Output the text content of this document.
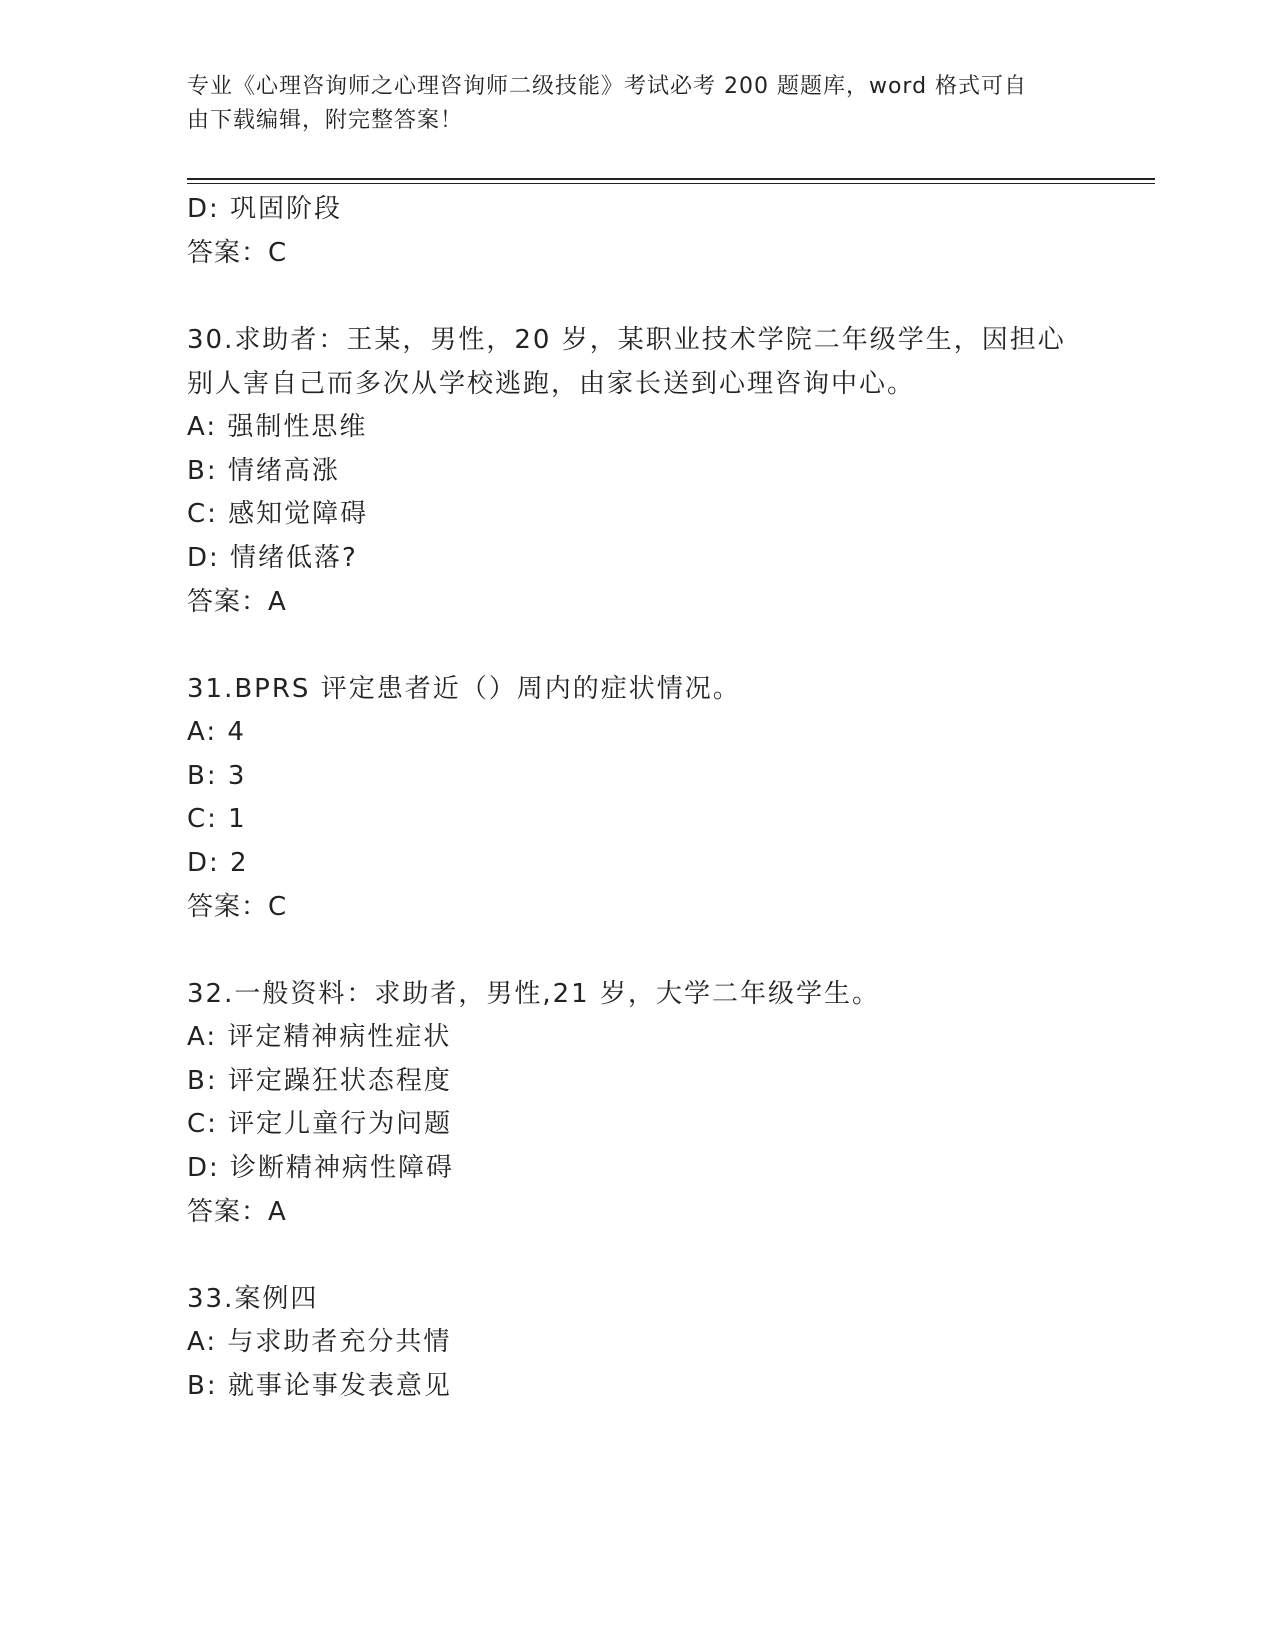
专业《心理咨询师之心理咨询师二级技能》考试必考 200 题题库，word 格式可自
由下载编辑，附完整答案！
D: 巩固阶段
答案：C
30.求助者：王某，男性，20 岁，某职业技术学院二年级学生，因担心
别人害自己而多次从学校逃跑，由家长送到心理咨询中心。
A: 强制性思维
B: 情绪高涨
C: 感知觉障碍
D: 情绪低落?
答案：A
31.BPRS 评定患者近（）周内的症状情况。
A: 4
B: 3
C: 1
D: 2
答案：C
32.一般资料：求助者，男性,21 岁，大学二年级学生。
A: 评定精神病性症状
B: 评定躁狂状态程度
C: 评定儿童行为问题
D: 诊断精神病性障碍
答案：A
33.案例四
A: 与求助者充分共情
B: 就事论事发表意见
